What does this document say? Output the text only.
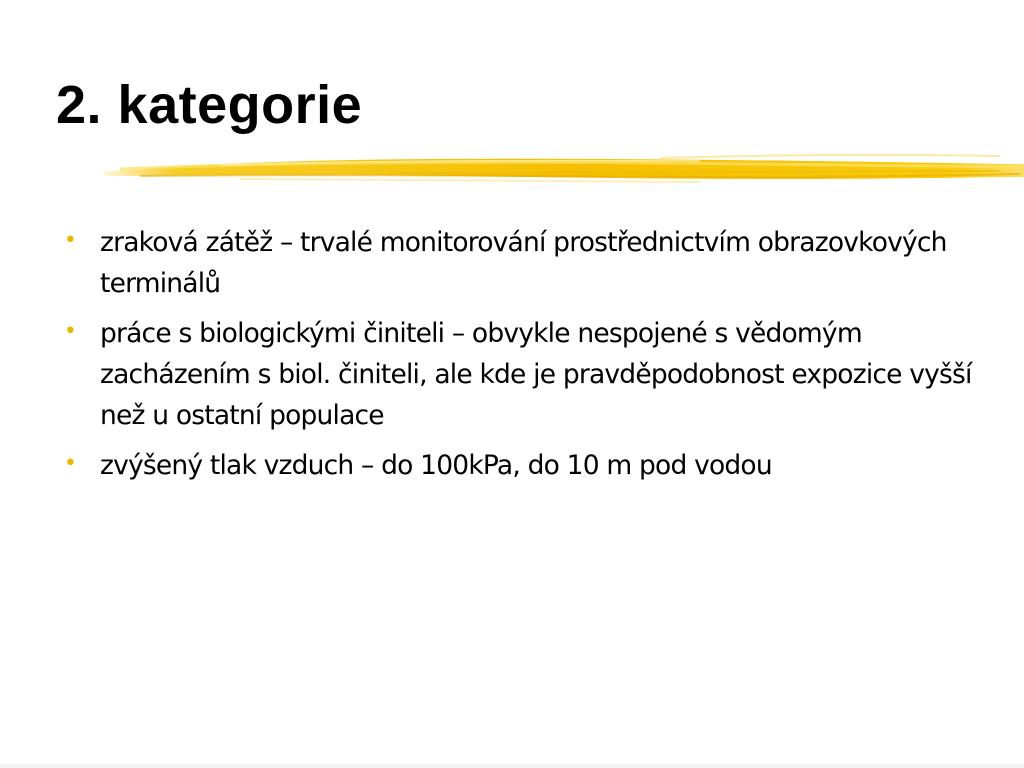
2. kategorie
• zraková zátěž – trvalé monitorování prostřednictvím obrazovkových terminálů
• práce s biologickými činiteli – obvykle nespojené s vědomým zacházením s biol. činiteli, ale kde je pravděpodobnost expozice vyšší než u ostatní populace
• zvýšený tlak vzduch – do 100kPa, do 10 m pod vodou
